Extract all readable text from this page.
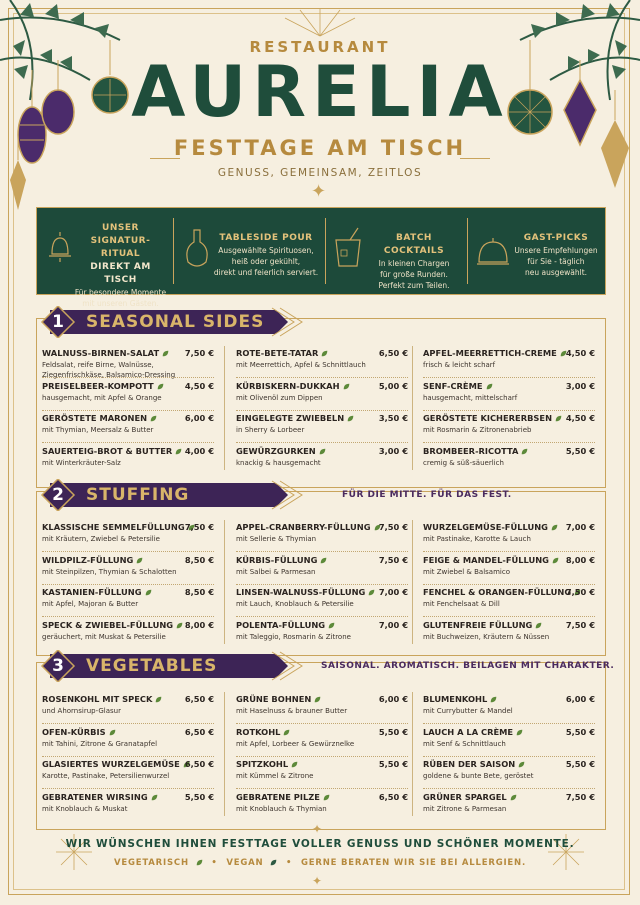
RESTAURANT
AURELIA
FESTTAGE AM TISCH
GENUSS, GEMEINSAM, ZEITLOS
✦
UNSER SIGNATUR-RITUAL
DIREKT AM TISCH
Für besondere Momente
mit unseren Gästen.
TABLESIDE POUR
Ausgewählte Spirituosen,
heiß oder gekühlt,
direkt und feierlich serviert.
BATCH COCKTAILS
In kleinen Chargen
für große Runden.
Perfekt zum Teilen.
GAST-PICKS
Unsere Empfehlungen
für Sie - täglich
neu ausgewählt.
1	SEASONAL SIDES
WALNUSS-BIRNEN-SALAT	7,50 €
Feldsalat, reife Birne, Walnüsse,
Ziegenfrischkäse, Balsamico-Dressing
PREISELBEER-KOMPOTT	4,50 €
hausgemacht, mit Apfel & Orange
GERÖSTETE MARONEN	6,00 €
mit Thymian, Meersalz & Butter
SAUERTEIG-BROT & BUTTER	4,00 €
mit Winterkräuter-Salz
ROTE-BETE-TATAR	6,50 €
mit Meerrettich, Apfel & Schnittlauch
KÜRBISKERN-DUKKAH	5,00 €
mit Olivenöl zum Dippen
EINGELEGTE ZWIEBELN	3,50 €
in Sherry & Lorbeer
GEWÜRZGURKEN	3,00 €
knackig & hausgemacht
APFEL-MEERRETTICH-CREME	4,50 €
frisch & leicht scharf
SENF-CRÈME	3,00 €
hausgemacht, mittelscharf
GERÖSTETE KICHERERBSEN	4,50 €
mit Rosmarin & Zitronenabrieb
BROMBEER-RICOTTA	5,50 €
cremig & süß-säuerlich
2	STUFFING	FÜR DIE MITTE. FÜR DAS FEST.
KLASSISCHE SEMMELFÜLLUNG 7,50 €
mit Kräutern, Zwiebel & Petersilie
WILDPILZ-FÜLLUNG	8,50 €
mit Steinpilzen, Thymian & Schalotten
KASTANIEN-FÜLLUNG	8,50 €
mit Apfel, Majoran & Butter
SPECK & ZWIEBEL-FÜLLUNG	8,00 €
geräuchert, mit Muskat & Petersilie
APPEL-CRANBERRY-FÜLLUNG	7,50 €
mit Sellerie & Thymian
KÜRBIS-FÜLLUNG	7,50 €
mit Salbei & Parmesan
LINSEN-WALNUSS-FÜLLUNG	7,00 €
mit Lauch, Knoblauch & Petersilie
POLENTA-FÜLLUNG	7,00 €
mit Taleggio, Rosmarin & Zitrone
WURZELGEMÜSE-FÜLLUNG	7,00 €
mit Pastinake, Karotte & Lauch
FEIGE & MANDEL-FÜLLUNG	8,00 €
mit Zwiebel & Balsamico
FENCHEL & ORANGEN-FÜLLUNG
7,50 €
mit Fenchelsaat & Dill
GLUTENFREIE FÜLLUNG	7,50 €
mit Buchweizen, Kräutern & Nüssen
3	VEGETABLES	SAISONAL. AROMATISCH. BEILAGEN MIT CHARAKTER.
ROSENKOHL MIT SPECK	6,50 €
und Ahornsirup-Glasur
OFEN-KÜRBIS	6,50 €
mit Tahini, Zitrone & Granatapfel
GLASIERTES WURZELGEMÜSE 6,50 €
Karotte, Pastinake, Petersilienwurzel
GEBRATENER WIRSING	5,50 €
mit Knoblauch & Muskat
GRÜNE BOHNEN	6,00 €
mit Haselnuss & brauner Butter
ROTKOHL	5,50 €
mit Apfel, Lorbeer & Gewürznelke
SPITZKOHL	5,50 €
mit Kümmel & Zitrone
GEBRATENE PILZE	6,50 €
mit Knoblauch & Thymian
BLUMENKOHL	6,00 €
mit Currybutter & Mandel
LAUCH A LA CRÈME	5,50 €
mit Senf & Schnittlauch
RÜBEN DER SAISON	5,50 €
goldene & bunte Bete, geröstet
GRÜNER SPARGEL	7,50 €
mit Zitrone & Parmesan
✦
WIR WÜNSCHEN IHNEN FESTTAGE VOLLER GENUSS UND SCHÖNER MOMENTE.
VEGETARISCH	• VEGAN	• GERNE BERATEN WIR SIE BEI ALLERGIEN.
✦
